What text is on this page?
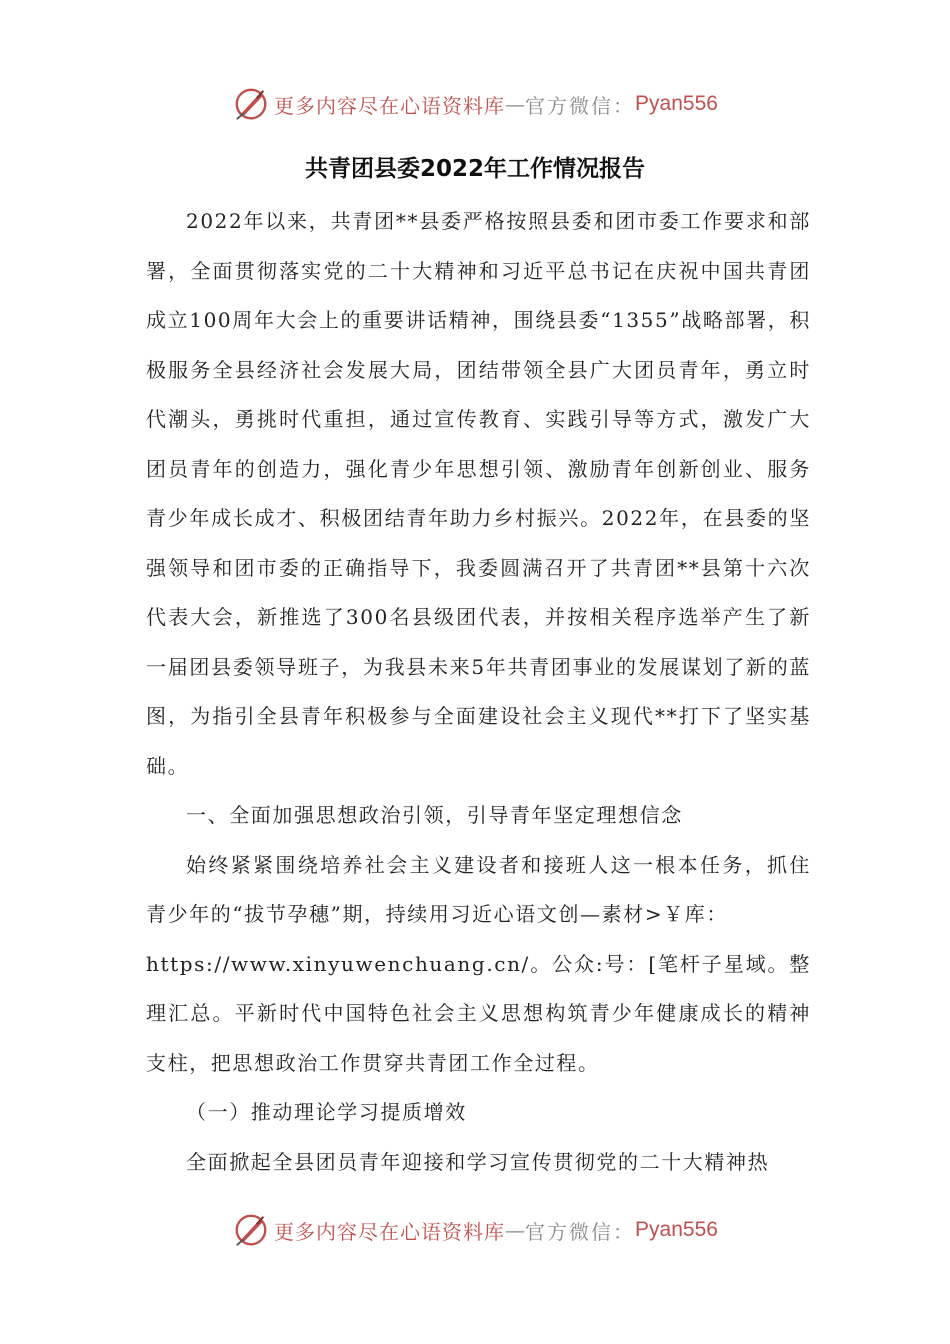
更多内容尽在心语资料库 — 官方微信： Pyan556
共青团县委2022年工作情况报告

2022年以来，共青团**县委严格按照县委和团市委工作要求和部署，全面贯彻落实党的二十大精神和习近平总书记在庆祝中国共青团成立100周年大会上的重要讲话精神，围绕县委“1355”战略部署，积极服务全县经济社会发展大局，团结带领全县广大团员青年，勇立时代潮头，勇挑时代重担，通过宣传教育、实践引导等方式，激发广大团员青年的创造力，强化青少年思想引领、激励青年创新创业、服务青少年成长成才、积极团结青年助力乡村振兴。2022年，在县委的坚强领导和团市委的正确指导下，我委圆满召开了共青团**县第十六次代表大会，新推选了300名县级团代表，并按相关程序选举产生了新一届团县委领导班子，为我县未来5年共青团事业的发展谋划了新的蓝图，为指引全县青年积极参与全面建设社会主义现代**打下了坚实基础。

一、全面加强思想政治引领，引导青年坚定理想信念

始终紧紧围绕培养社会主义建设者和接班人这一根本任务，抓住青少年的“拔节孕穗”期，持续用习近心语文创—素材>￥库：

https://www.xinyuwenchuang.cn/。公众:号：[笔杆子星域。整理汇总。平新时代中国特色社会主义思想构筑青少年健康成长的精神支柱，把思想政治工作贯穿共青团工作全过程。

（一）推动理论学习提质增效

全面掀起全县团员青年迎接和学习宣传贯彻党的二十大精神热

更多内容尽在心语资料库 — 官方微信： Pyan556
